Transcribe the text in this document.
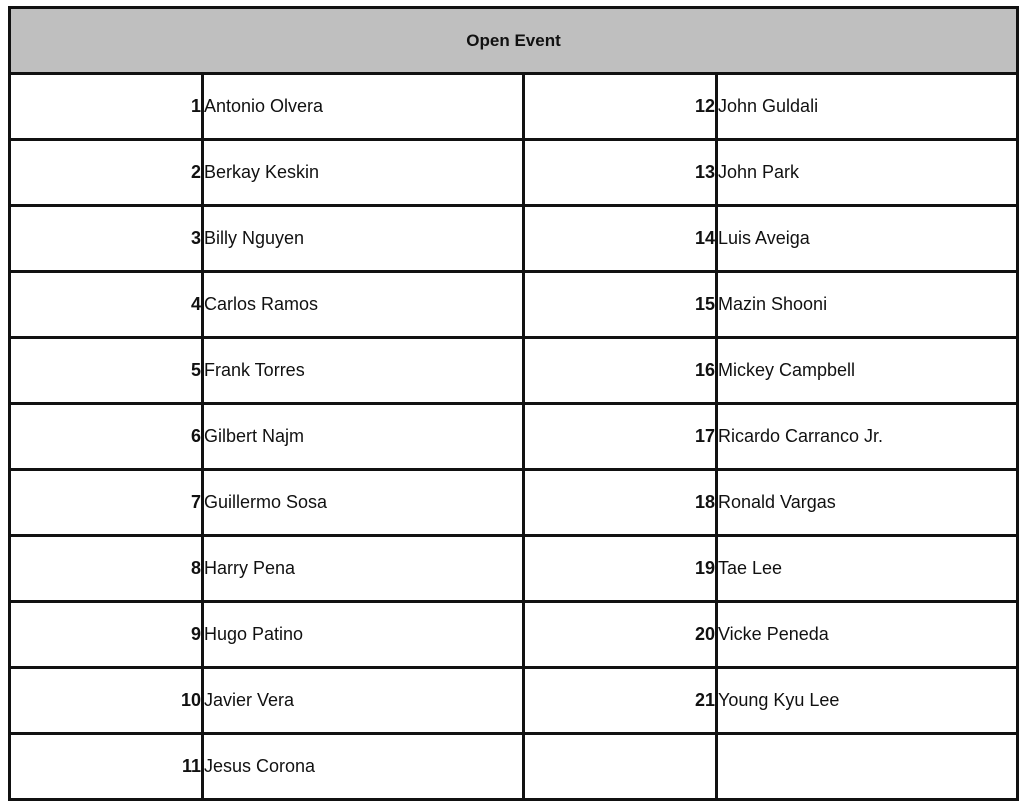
Open Event			
1	Antonio Olvera	12	John Guldali
2	Berkay Keskin	13	John Park
3	Billy Nguyen	14	Luis Aveiga
4	Carlos Ramos	15	Mazin Shooni
5	Frank Torres	16	Mickey Campbell
6	Gilbert Najm	17	Ricardo Carranco Jr.
7	Guillermo Sosa	18	Ronald Vargas
8	Harry Pena	19	Tae Lee
9	Hugo Patino	20	Vicke Peneda
10	Javier Vera	21	Young Kyu Lee
11	Jesus Corona		
